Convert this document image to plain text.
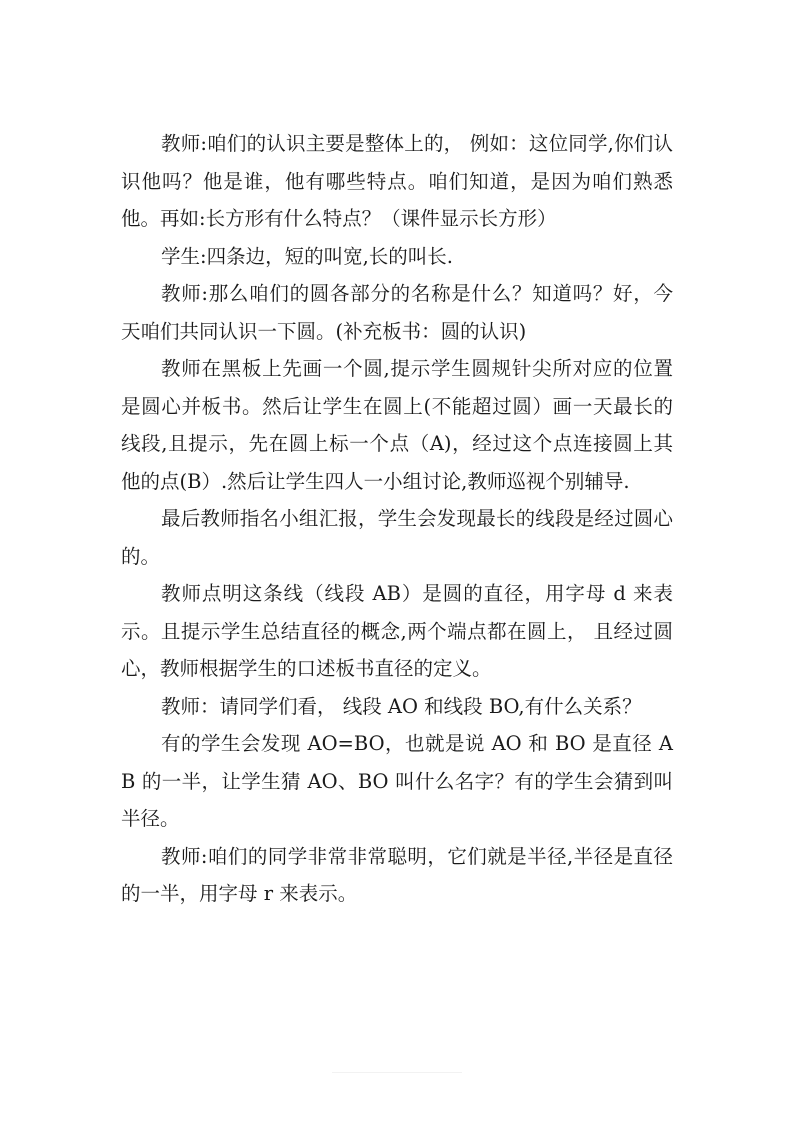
教师:咱们的认识主要是整体上的， 例如：这位同学,你们认识他吗？他是谁，他有哪些特点。咱们知道，是因为咱们熟悉他。再如:长方形有什么特点？（课件显示长方形）

学生:四条边，短的叫宽,长的叫长.

教师:那么咱们的圆各部分的名称是什么？知道吗？好，今天咱们共同认识一下圆。(补充板书：圆的认识)

教师在黑板上先画一个圆,提示学生圆规针尖所对应的位置是圆心并板书。然后让学生在圆上(不能超过圆）画一天最长的线段,且提示，先在圆上标一个点（A)，经过这个点连接圆上其他的点(B）.然后让学生四人一小组讨论,教师巡视个别辅导.

最后教师指名小组汇报，学生会发现最长的线段是经过圆心的。

教师点明这条线（线段 AB）是圆的直径，用字母 d 来表示。且提示学生总结直径的概念,两个端点都在圆上， 且经过圆心，教师根据学生的口述板书直径的定义。

教师：请同学们看， 线段 AO 和线段 BO,有什么关系？

有的学生会发现 AO=BO，也就是说 AO 和 BO 是直径 AB 的一半，让学生猜 AO、BO 叫什么名字？有的学生会猜到叫半径。

教师:咱们的同学非常非常聪明，它们就是半径,半径是直径的一半，用字母 r 来表示。
